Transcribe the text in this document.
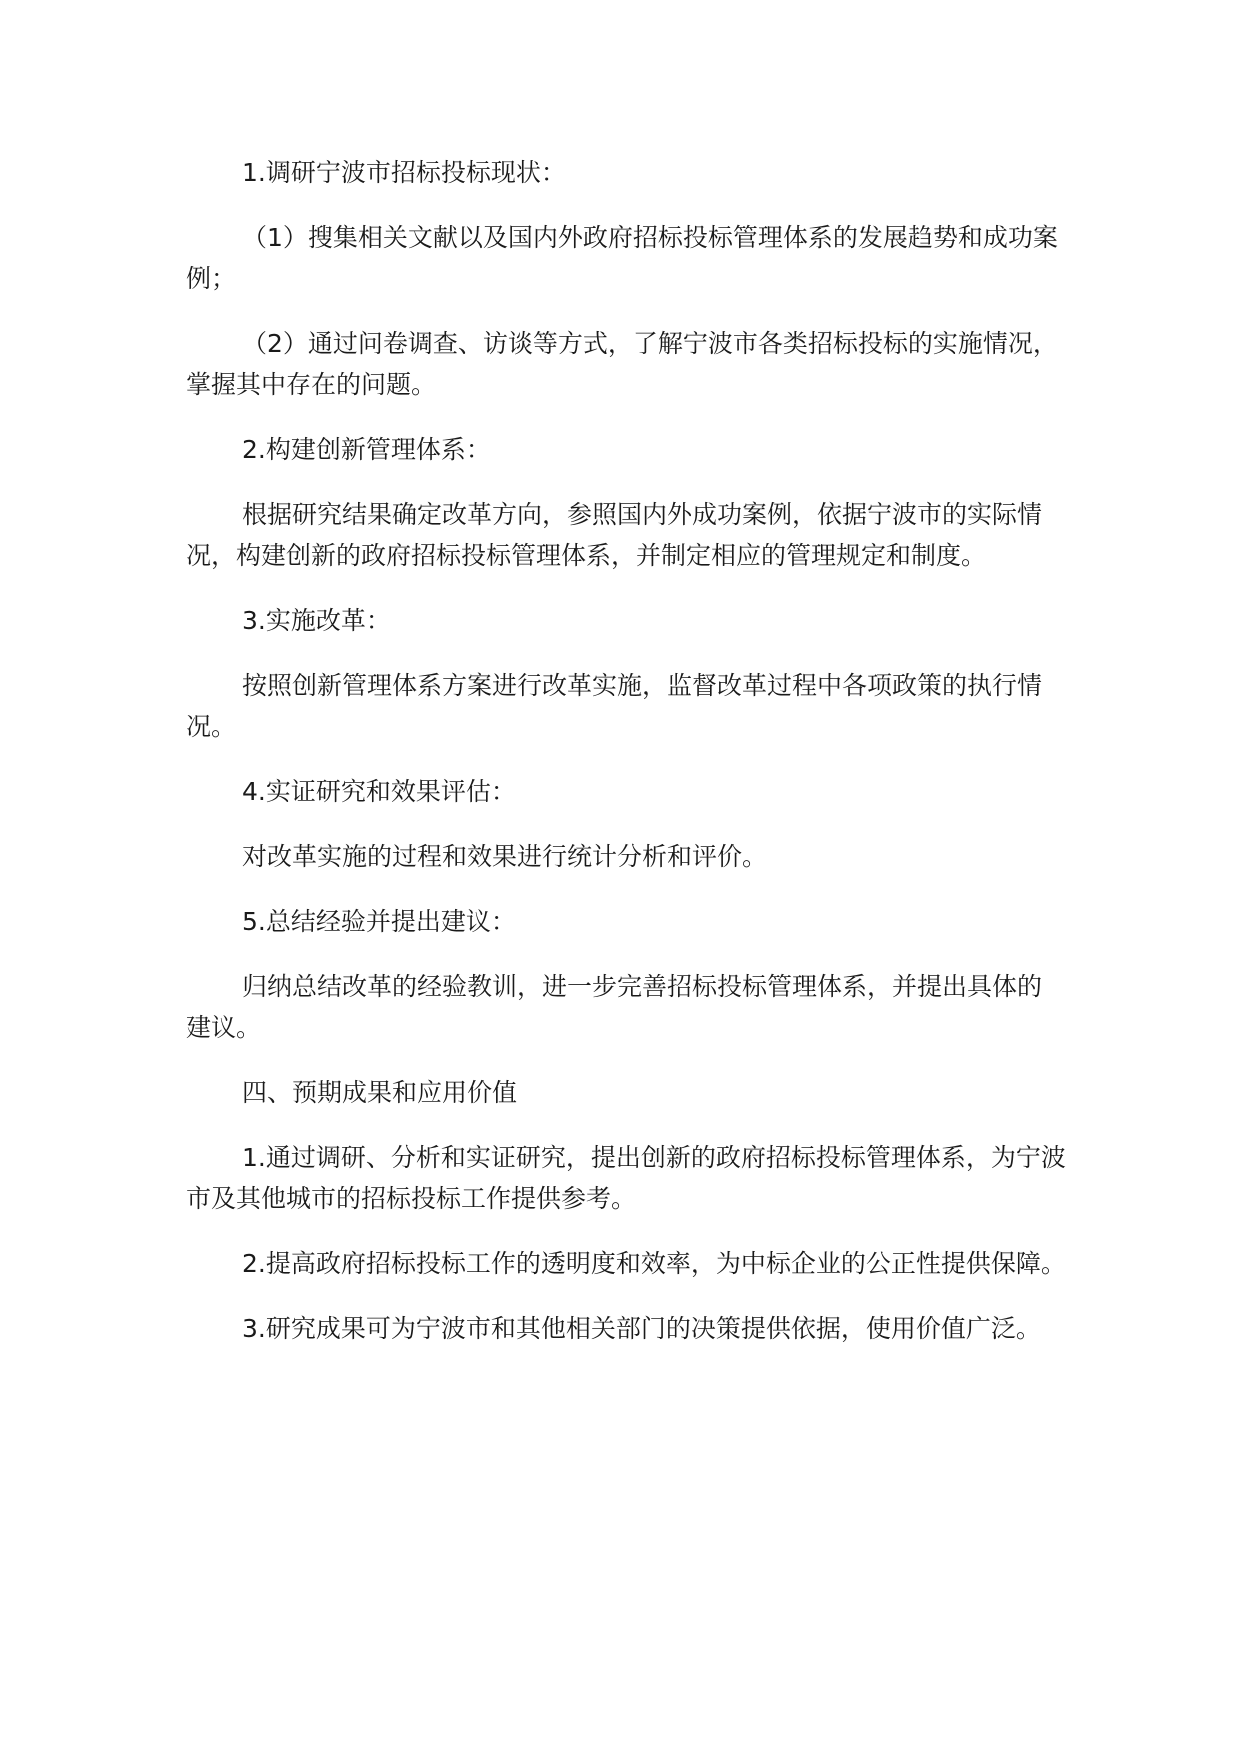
1.调研宁波市招标投标现状：

（1）搜集相关文献以及国内外政府招标投标管理体系的发展趋势和成功案例；

（2）通过问卷调查、访谈等方式，了解宁波市各类招标投标的实施情况，掌握其中存在的问题。

2.构建创新管理体系：

根据研究结果确定改革方向，参照国内外成功案例，依据宁波市的实际情况，构建创新的政府招标投标管理体系，并制定相应的管理规定和制度。

3.实施改革：

按照创新管理体系方案进行改革实施，监督改革过程中各项政策的执行情况。

4.实证研究和效果评估：

对改革实施的过程和效果进行统计分析和评价。

5.总结经验并提出建议：

归纳总结改革的经验教训，进一步完善招标投标管理体系，并提出具体的建议。

四、预期成果和应用价值

1.通过调研、分析和实证研究，提出创新的政府招标投标管理体系，为宁波市及其他城市的招标投标工作提供参考。

2.提高政府招标投标工作的透明度和效率，为中标企业的公正性提供保障。

3.研究成果可为宁波市和其他相关部门的决策提供依据，使用价值广泛。
